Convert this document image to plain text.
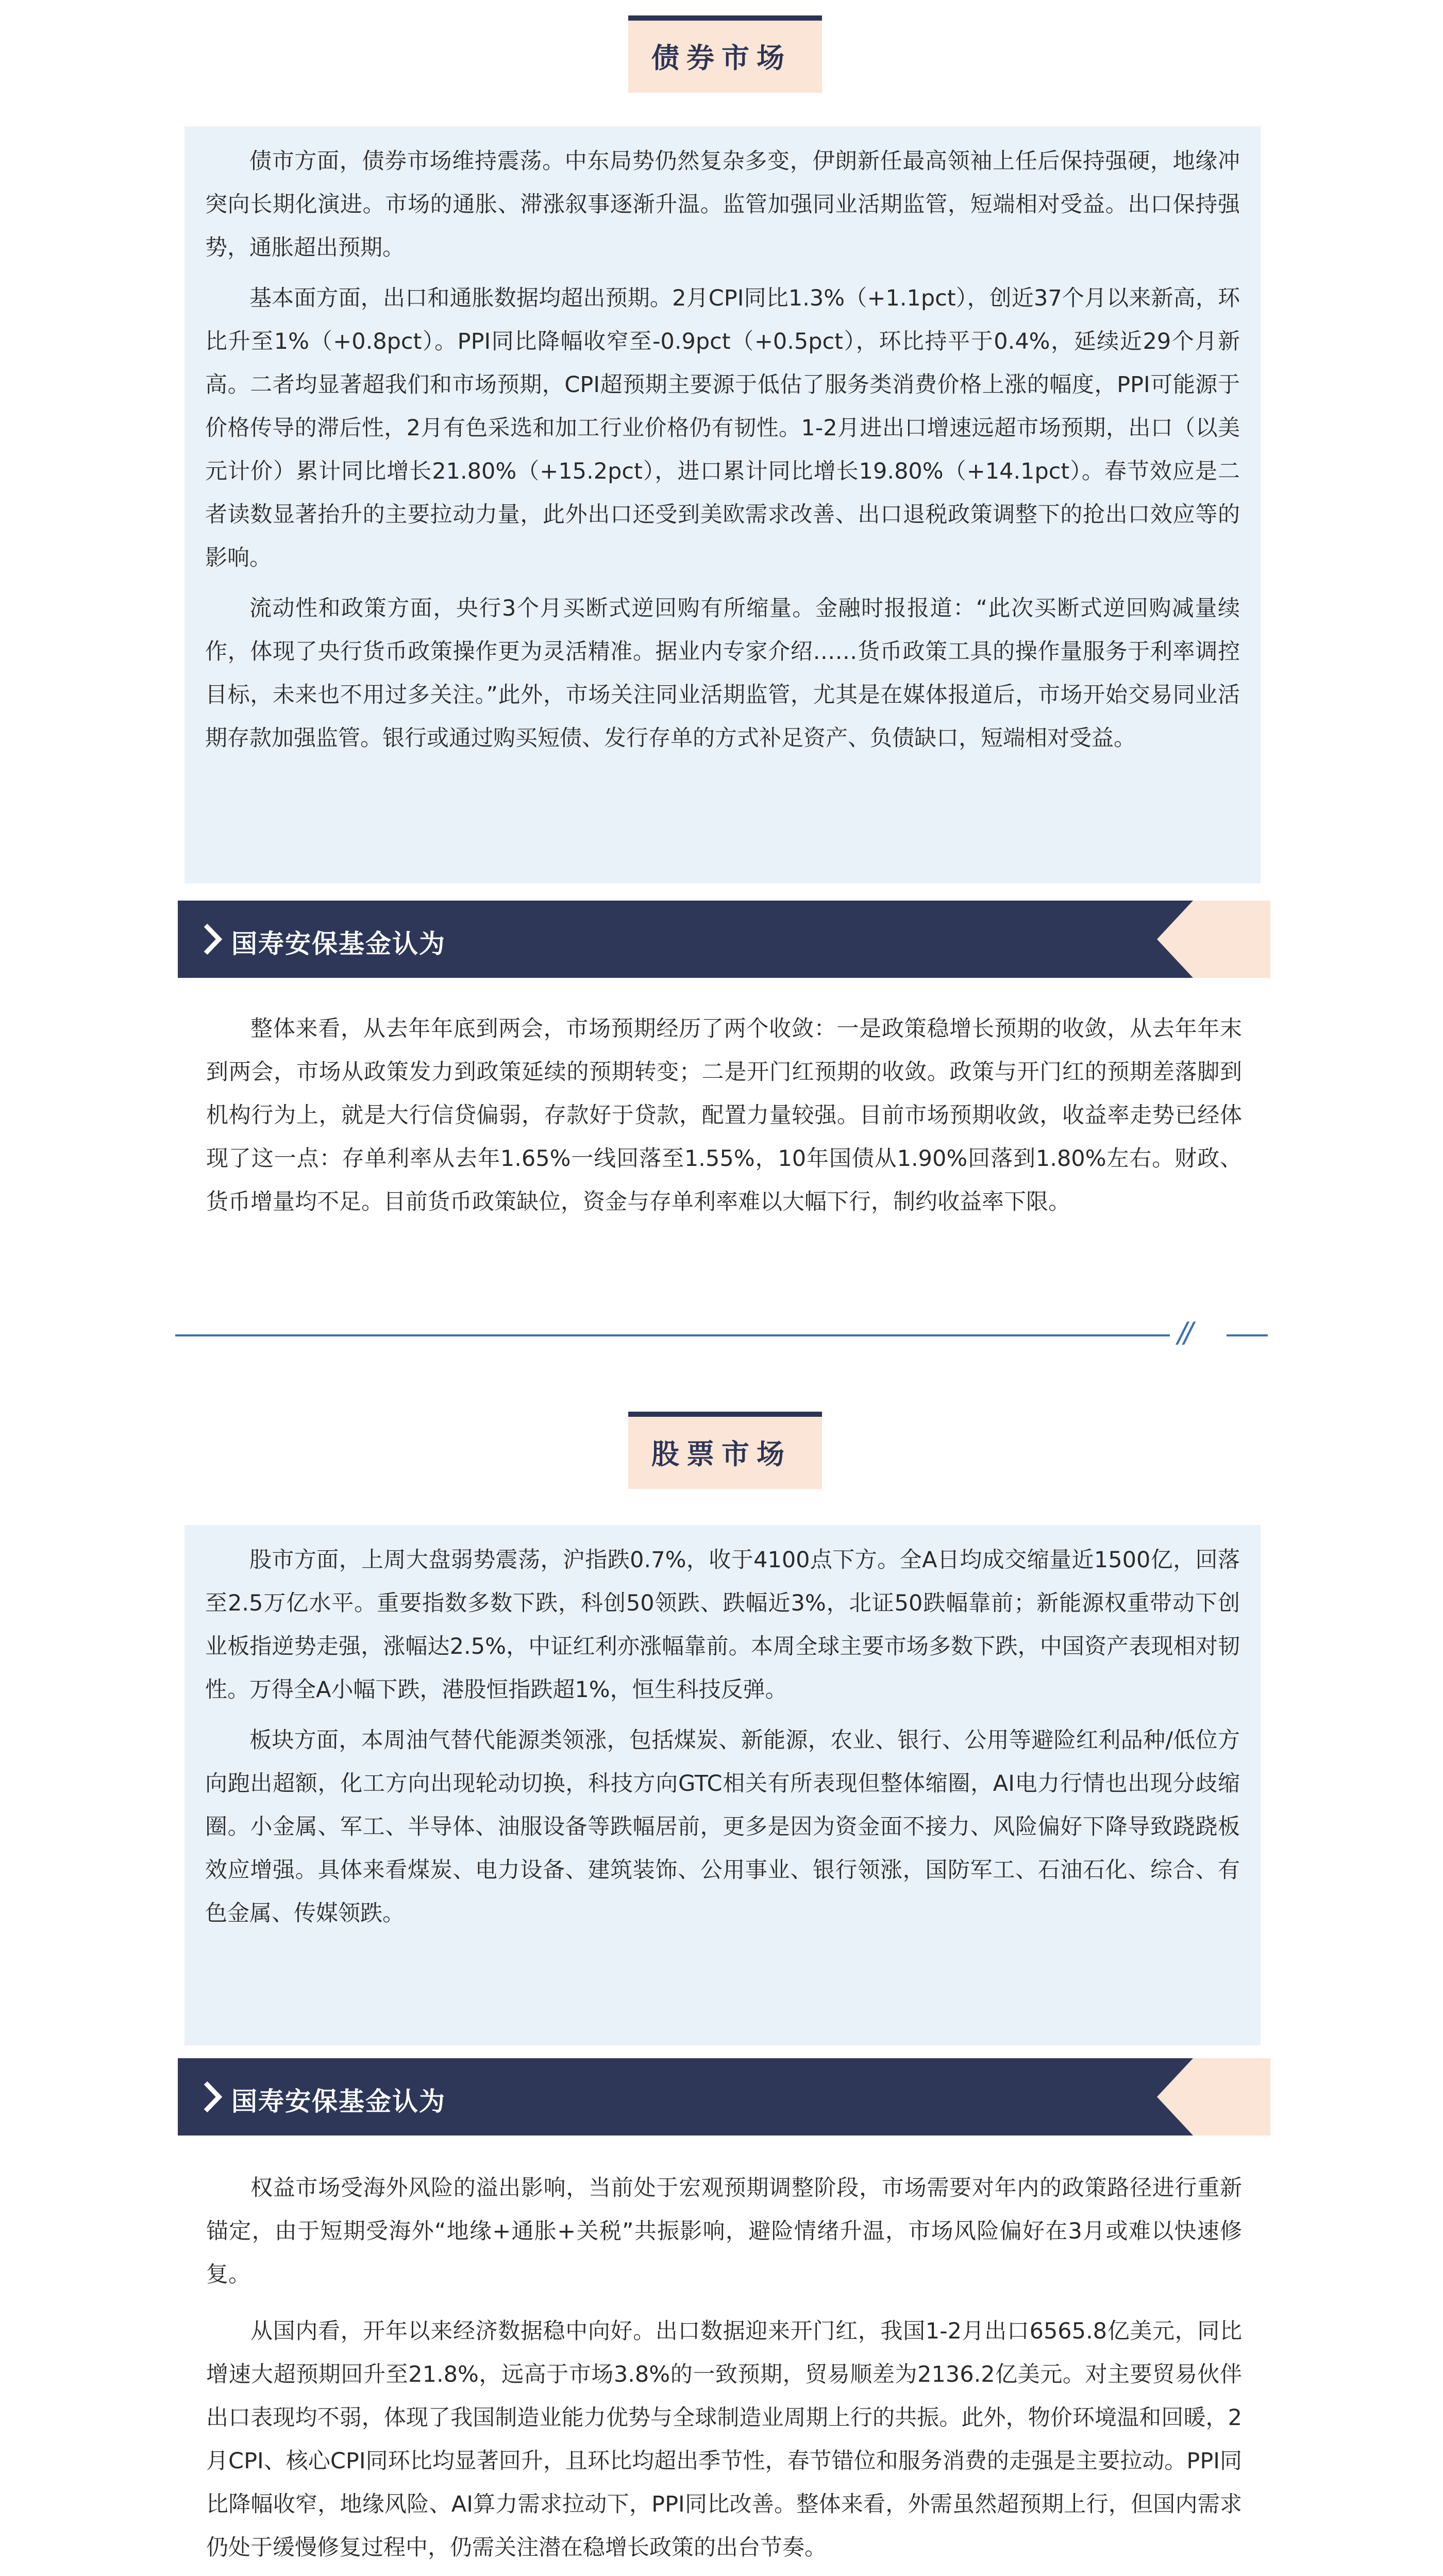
债券市场

债市方面，债券市场维持震荡。中东局势仍然复杂多变，伊朗新任最高领袖上任后保持强硬，地缘冲突向长期化演进。市场的通胀、滞涨叙事逐渐升温。监管加强同业活期监管，短端相对受益。出口保持强势，通胀超出预期。

基本面方面，出口和通胀数据均超出预期。2月CPI同比1.3%（+1.1pct），创近37个月以来新高，环比升至1%（+0.8pct）。PPI同比降幅收窄至-0.9pct（+0.5pct），环比持平于0.4%，延续近29个月新高。二者均显著超我们和市场预期，CPI超预期主要源于低估了服务类消费价格上涨的幅度，PPI可能源于价格传导的滞后性，2月有色采选和加工行业价格仍有韧性。1-2月进出口增速远超市场预期，出口（以美元计价）累计同比增长21.80%（+15.2pct），进口累计同比增长19.80%（+14.1pct）。春节效应是二者读数显著抬升的主要拉动力量，此外出口还受到美欧需求改善、出口退税政策调整下的抢出口效应等的影响。

流动性和政策方面，央行3个月买断式逆回购有所缩量。金融时报报道：“此次买断式逆回购减量续作，体现了央行货币政策操作更为灵活精准。据业内专家介绍……货币政策工具的操作量服务于利率调控目标，未来也不用过多关注。”此外，市场关注同业活期监管，尤其是在媒体报道后，市场开始交易同业活期存款加强监管。银行或通过购买短债、发行存单的方式补足资产、负债缺口，短端相对受益。

国寿安保基金认为

整体来看，从去年年底到两会，市场预期经历了两个收敛：一是政策稳增长预期的收敛，从去年年末到两会，市场从政策发力到政策延续的预期转变；二是开门红预期的收敛。政策与开门红的预期差落脚到机构行为上，就是大行信贷偏弱，存款好于贷款，配置力量较强。目前市场预期收敛，收益率走势已经体现了这一点：存单利率从去年1.65%一线回落至1.55%，10年国债从1.90%回落到1.80%左右。财政、货币增量均不足。目前货币政策缺位，资金与存单利率难以大幅下行，制约收益率下限。

//
股票市场

股市方面，上周大盘弱势震荡，沪指跌0.7%，收于4100点下方。全A日均成交缩量近1500亿，回落至2.5万亿水平。重要指数多数下跌，科创50领跌、跌幅近3%，北证50跌幅靠前；新能源权重带动下创业板指逆势走强，涨幅达2.5%，中证红利亦涨幅靠前。本周全球主要市场多数下跌，中国资产表现相对韧性。万得全A小幅下跌，港股恒指跌超1%，恒生科技反弹。

板块方面，本周油气替代能源类领涨，包括煤炭、新能源，农业、银行、公用等避险红利品种/低位方向跑出超额，化工方向出现轮动切换，科技方向GTC相关有所表现但整体缩圈，AI电力行情也出现分歧缩圈。小金属、军工、半导体、油服设备等跌幅居前，更多是因为资金面不接力、风险偏好下降导致跷跷板效应增强。具体来看煤炭、电力设备、建筑装饰、公用事业、银行领涨，国防军工、石油石化、综合、有色金属、传媒领跌。

国寿安保基金认为

权益市场受海外风险的溢出影响，当前处于宏观预期调整阶段，市场需要对年内的政策路径进行重新锚定，由于短期受海外“地缘+通胀+关税”共振影响，避险情绪升温，市场风险偏好在3月或难以快速修复。

从国内看，开年以来经济数据稳中向好。出口数据迎来开门红，我国1-2月出口6565.8亿美元，同比增速大超预期回升至21.8%，远高于市场3.8%的一致预期，贸易顺差为2136.2亿美元。对主要贸易伙伴出口表现均不弱，体现了我国制造业能力优势与全球制造业周期上行的共振。此外，物价环境温和回暖，2月CPI、核心CPI同环比均显著回升，且环比均超出季节性，春节错位和服务消费的走强是主要拉动。PPI同比降幅收窄，地缘风险、AI算力需求拉动下，PPI同比改善。整体来看，外需虽然超预期上行，但国内需求仍处于缓慢修复过程中，仍需关注潜在稳增长政策的出台节奏。
